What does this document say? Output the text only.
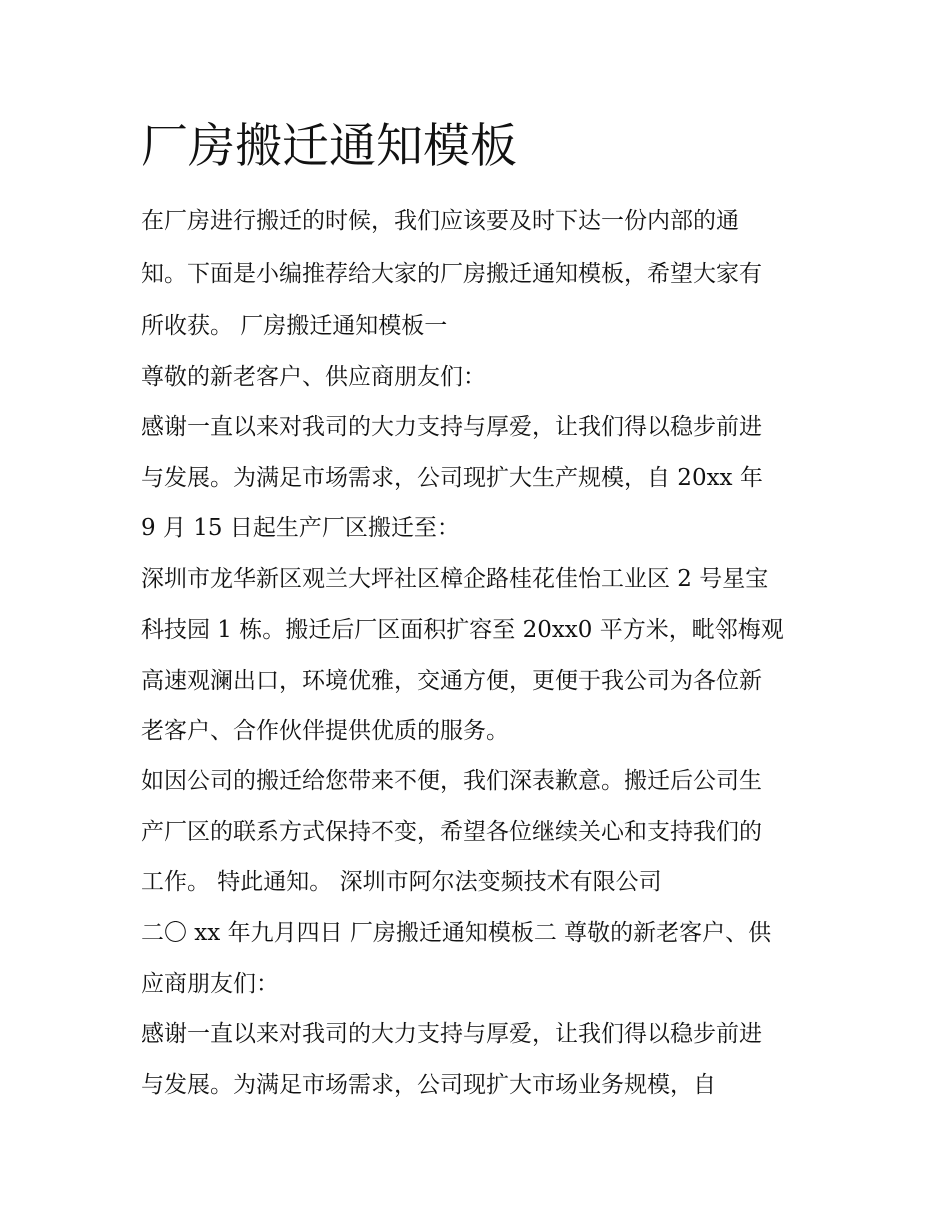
厂房搬迁通知模板

在厂房进行搬迁的时候，我们应该要及时下达一份内部的通

知。下面是小编推荐给大家的厂房搬迁通知模板，希望大家有

所收获。 厂房搬迁通知模板一

尊敬的新老客户、供应商朋友们：

感谢一直以来对我司的大力支持与厚爱，让我们得以稳步前进

与发展。为满足市场需求，公司现扩大生产规模，自 20xx 年

9 月 15 日起生产厂区搬迁至：

深圳市龙华新区观兰大坪社区樟企路桂花佳怡工业区 2 号星宝

科技园 1 栋。搬迁后厂区面积扩容至 20xx0 平方米，毗邻梅观

高速观澜出口，环境优雅，交通方便，更便于我公司为各位新

老客户、合作伙伴提供优质的服务。

如因公司的搬迁给您带来不便，我们深表歉意。搬迁后公司生

产厂区的联系方式保持不变，希望各位继续关心和支持我们的

工作。 特此通知。 深圳市阿尔法变频技术有限公司

二〇 xx 年九月四日 厂房搬迁通知模板二 尊敬的新老客户、供

应商朋友们：

感谢一直以来对我司的大力支持与厚爱，让我们得以稳步前进

与发展。为满足市场需求，公司现扩大市场业务规模，自
